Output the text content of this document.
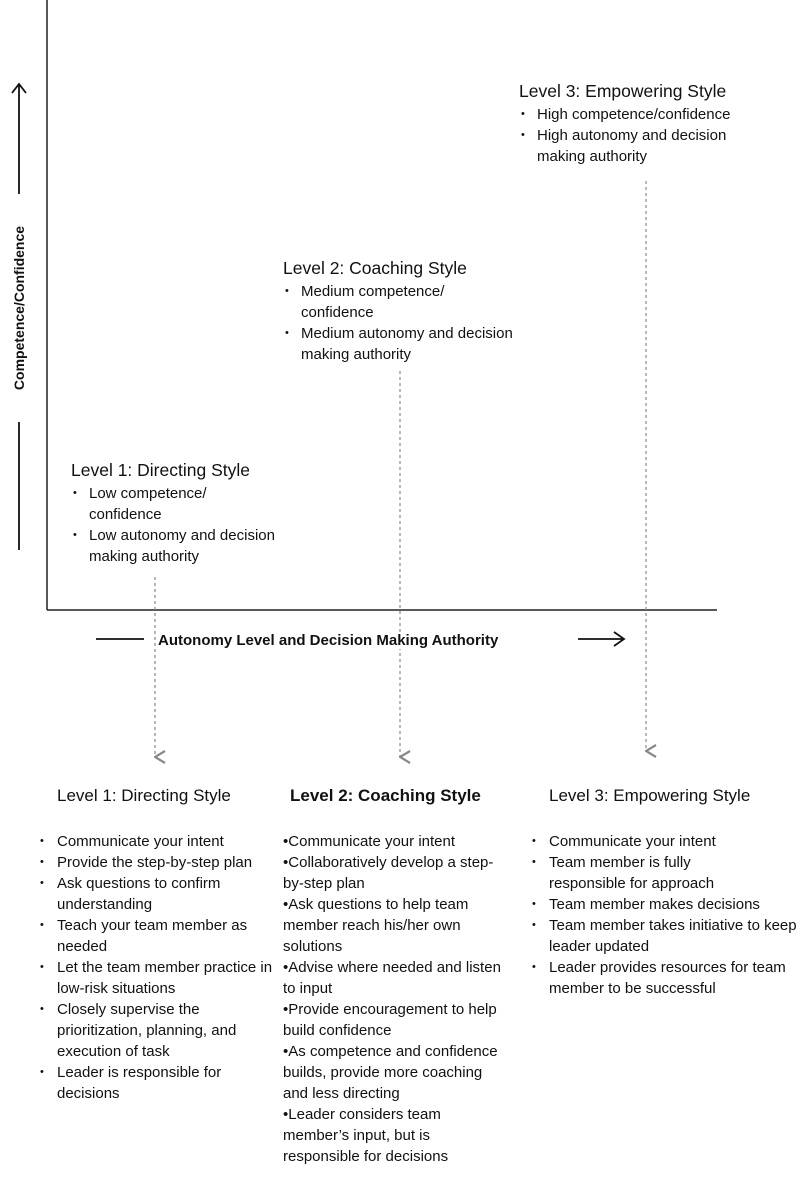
Competence/Confidence
Autonomy Level and Decision Making Authority
Level 1: Directing Style
• Low competence/ confidence
• Low autonomy and decision making authority
Level 2: Coaching Style
• Medium competence/ confidence
• Medium autonomy and decision making authority
Level 3: Empowering Style
• High competence/confidence
• High autonomy and decision making authority
Level 1: Directing Style	Level 2: Coaching Style	Level 3: Empowering Style
• Communicate your intent
• Provide the step-by-step plan
• Ask questions to confirm understanding
• Teach your team member as needed
• Let the team member practice in low-risk situations
• Closely supervise the prioritization, planning, and execution of task
• Leader is responsible for decisions
• Communicate your intent
• Collaboratively develop a step-by-step plan
• Ask questions to help team member reach his/her own solutions
• Advise where needed and listen to input
• Provide encouragement to help build confidence
• As competence and confidence builds, provide more coaching and less directing
• Leader considers team member’s input, but is responsible for decisions
• Communicate your intent
• Team member is fully responsible for approach
• Team member makes decisions
• Team member takes initiative to keep leader updated
• Leader provides resources for team member to be successful
